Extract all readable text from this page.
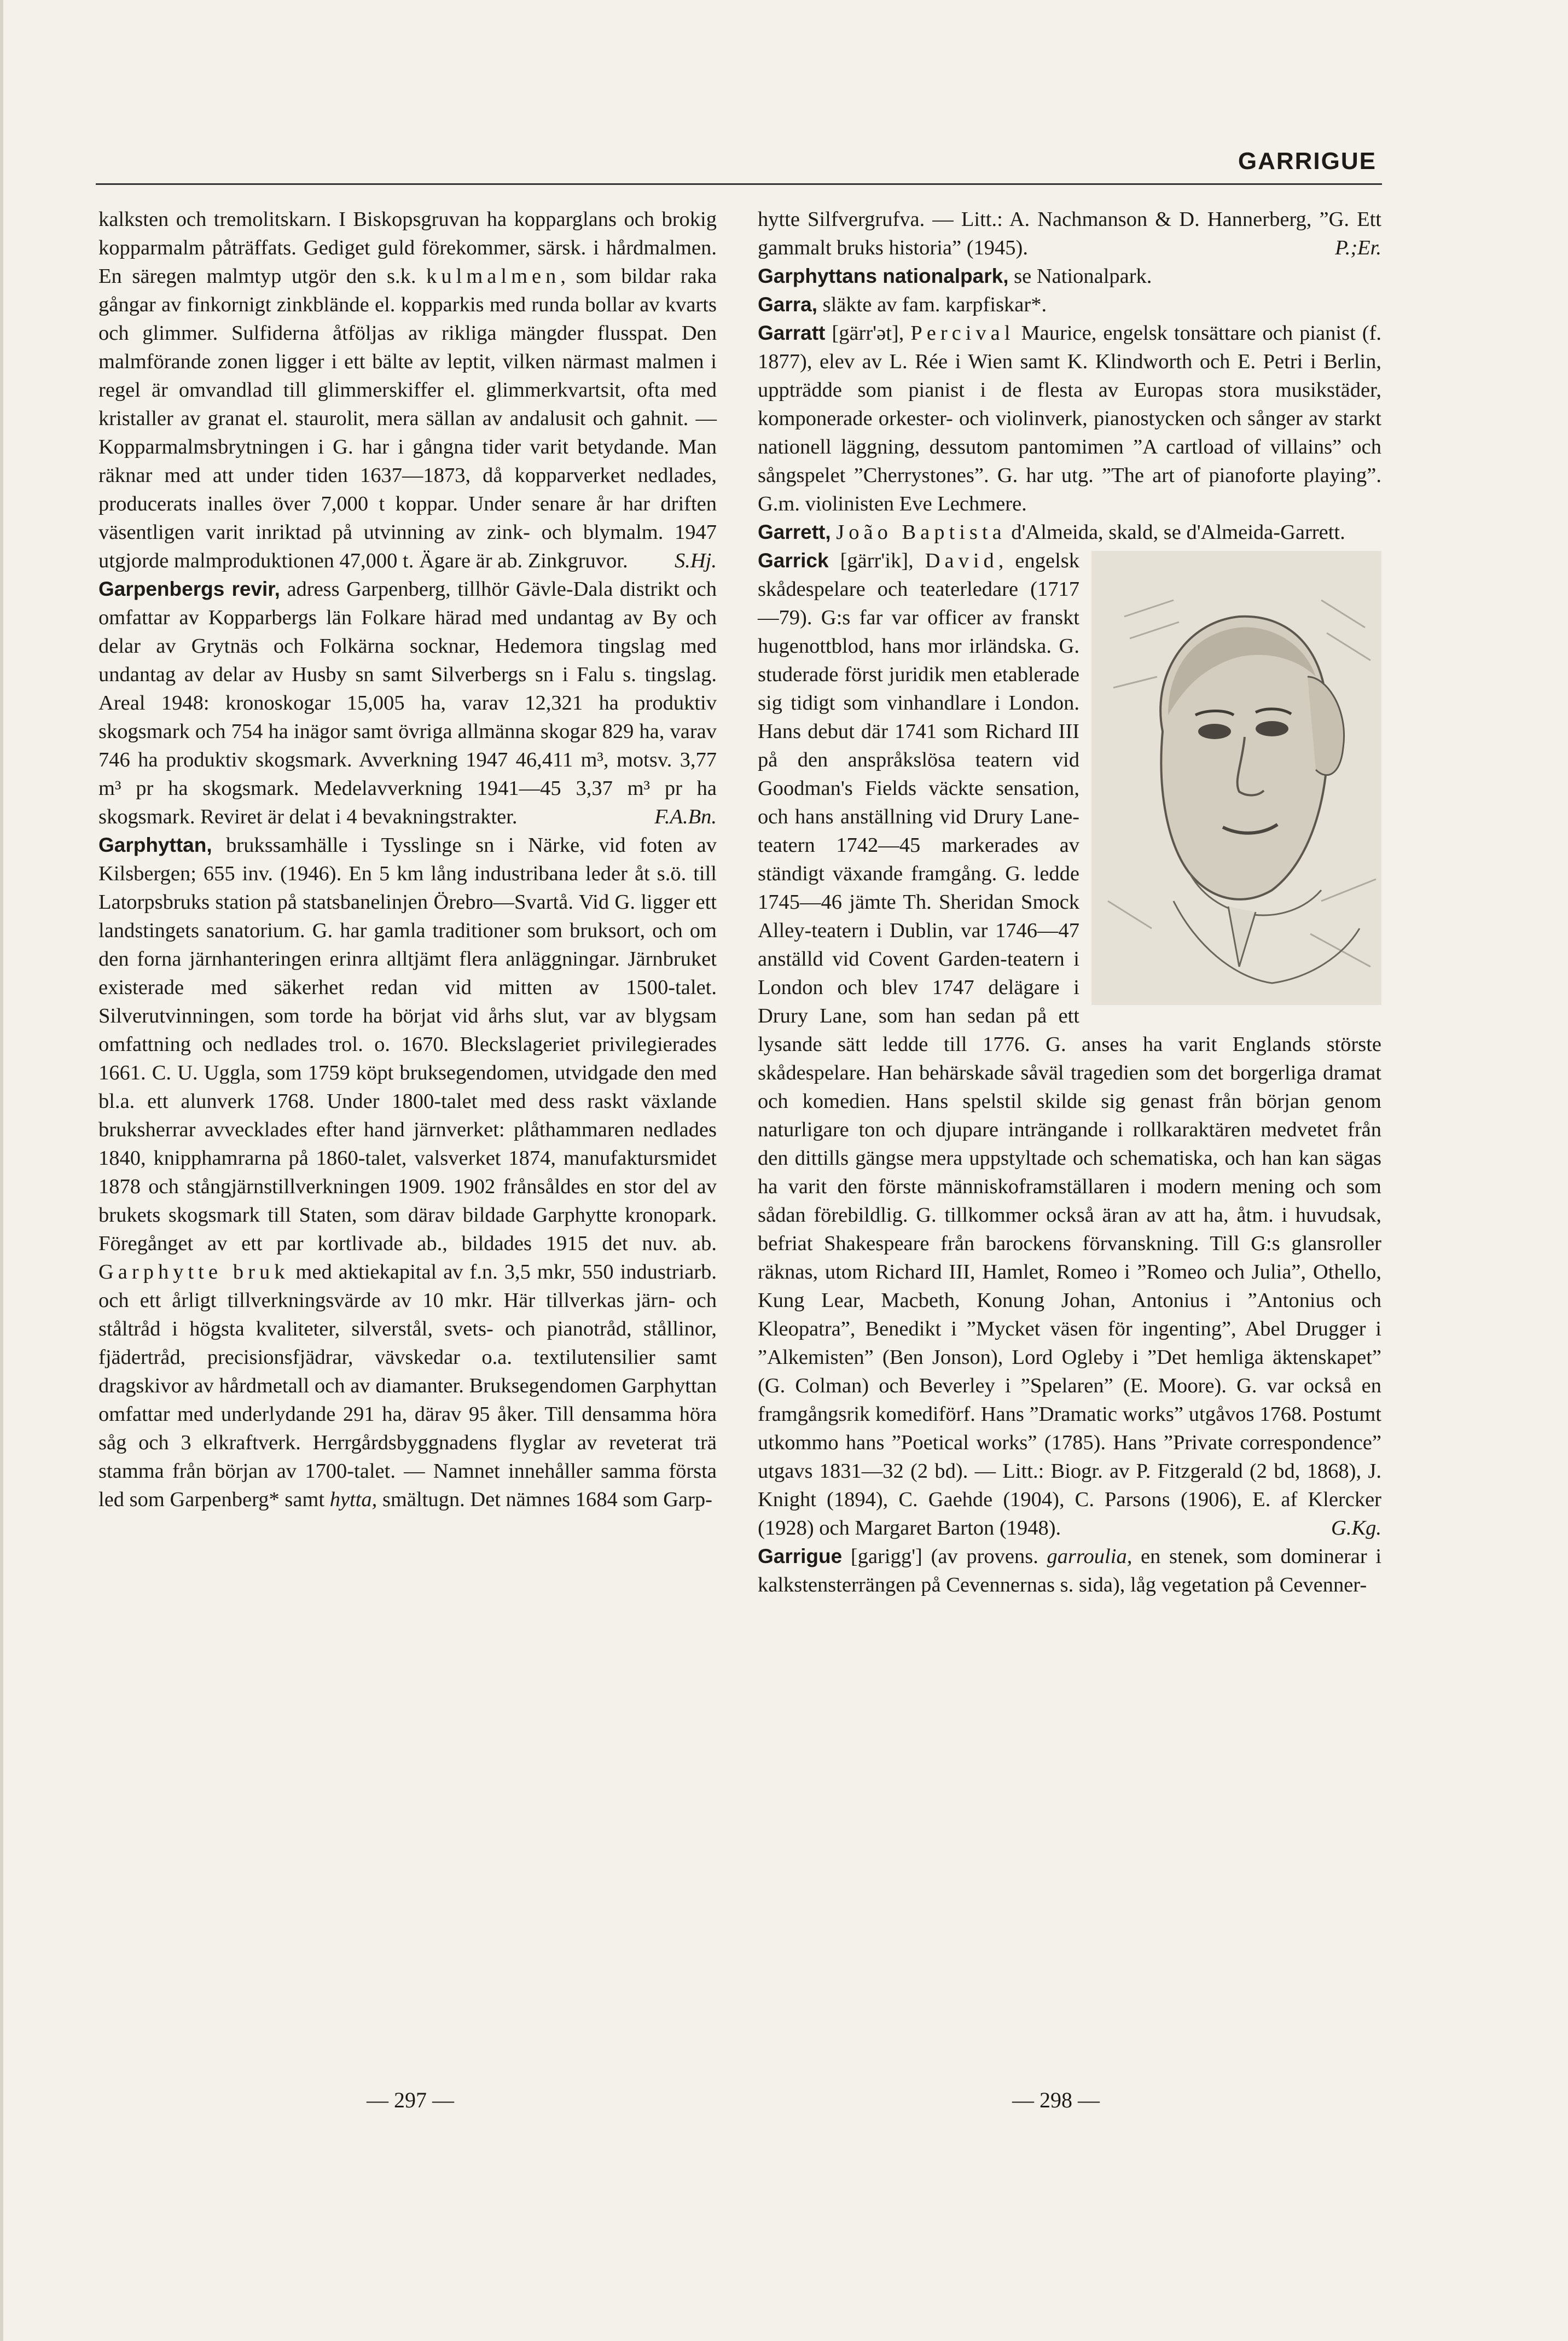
GARRIGUE

kalksten och tremolitskarn. I Biskopsgruvan ha kopparglans och brokig kopparmalm påträffats. Gediget guld förekommer, särsk. i hårdmalmen. En säregen malmtyp utgör den s.k. kulmalmen, som bildar raka gångar av finkornigt zinkblände el. kopparkis med runda bollar av kvarts och glimmer. Sulfiderna åtföljas av rikliga mängder flusspat. Den malmförande zonen ligger i ett bälte av leptit, vilken närmast malmen i regel är omvandlad till glimmerskiffer el. glimmerkvartsit, ofta med kristaller av granat el. staurolit, mera sällan av andalusit och gahnit. — Kopparmalmsbrytningen i G. har i gångna tider varit betydande. Man räknar med att under tiden 1637—1873, då kopparverket nedlades, producerats inalles över 7,000 t koppar. Under senare år har driften väsentligen varit inriktad på utvinning av zink- och blymalm. 1947 utgjorde malmproduktionen 47,000 t. Ägare är ab. Zinkgruvor. S.Hj.

Garpenbergs revir, adress Garpenberg, tillhör Gävle-Dala distrikt och omfattar av Kopparbergs län Folkare härad med undantag av By och delar av Grytnäs och Folkärna socknar, Hedemora tingslag med undantag av delar av Husby sn samt Silverbergs sn i Falu s. tingslag. Areal 1948: kronoskogar 15,005 ha, varav 12,321 ha produktiv skogsmark och 754 ha inägor samt övriga allmänna skogar 829 ha, varav 746 ha produktiv skogsmark. Avverkning 1947 46,411 m³, motsv. 3,77 m³ pr ha skogsmark. Medelavverkning 1941—45 3,37 m³ pr ha skogsmark. Reviret är delat i 4 bevakningstrakter.	F.A.Bn.

Garphyttan, brukssamhälle i Tysslinge sn i Närke, vid foten av Kilsbergen; 655 inv. (1946). En 5 km lång industribana leder åt s.ö. till Latorpsbruks station på statsbanelinjen Örebro—Svartå. Vid G. ligger ett landstingets sanatorium. G. har gamla traditioner som bruksort, och om den forna järnhanteringen erinra alltjämt flera anläggningar. Järnbruket existerade med säkerhet redan vid mitten av 1500-talet. Silverutvinningen, som torde ha börjat vid århs slut, var av blygsam omfattning och nedlades trol. o. 1670. Bleckslageriet privilegierades 1661. C. U. Uggla, som 1759 köpt bruksegendomen, utvidgade den med bl.a. ett alunverk 1768. Under 1800-talet med dess raskt växlande bruksherrar avvecklades efter hand järnverket: plåthammaren nedlades 1840, knipphamrarna på 1860-talet, valsverket 1874, manufaktursmidet 1878 och stångjärnstillverkningen 1909. 1902 frånsåldes en stor del av brukets skogsmark till Staten, som därav bildade Garphytte kronopark. Föregånget av ett par kortlivade ab., bildades 1915 det nuv. ab. Garphytte bruk med aktiekapital av f.n. 3,5 mkr, 550 industriarb. och ett årligt tillverkningsvärde av 10 mkr. Här tillverkas järn- och ståltråd i högsta kvaliteter, silverstål, svets- och pianotråd, stållinor, fjädertråd, precisionsfjädrar, vävskedar o.a. textilutensilier samt dragskivor av hårdmetall och av diamanter. Bruksegendomen Garphyttan omfattar med underlydande 291 ha, därav 95 åker. Till densamma höra såg och 3 elkraftverk. Herrgårdsbyggnadens flyglar av reveterat trä stamma från början av 1700-talet. — Namnet innehåller samma första led som Garpenberg* samt hytta, smältugn. Det nämnes 1684 som Garp-

hytte Silfvergrufva. — Litt.: A. Nachmanson & D. Hannerberg, ”G. Ett gammalt bruks historia” (1945).	P.;Er.

Garphyttans nationalpark, se Nationalpark.

Garra, släkte av fam. karpfiskar*.

Garratt [gärr'ət], Percival Maurice, engelsk tonsättare och pianist (f. 1877), elev av L. Rée i Wien samt K. Klindworth och E. Petri i Berlin, uppträdde som pianist i de flesta av Europas stora musikstäder, komponerade orkester- och violinverk, pianostycken och sånger av starkt nationell läggning, dessutom pantomimen ”A cartload of villains” och sångspelet ”Cherrystones”. G. har utg. ”The art of pianoforte playing”. G.m. violinisten Eve Lechmere.

Garrett, João Baptista d'Almeida, skald, se d'Almeida-Garrett.

Garrick [gärr'ik], David, engelsk skådespelare och teaterledare (1717—79). G:s far var officer av franskt hugenottblod, hans mor irländska. G. studerade först juridik men etablerade sig tidigt som vinhandlare i London. Hans debut där 1741 som Richard III på den anspråkslösa teatern vid Goodman's Fields väckte sensation, och hans anställning vid Drury Lane-teatern 1742—45 markerades av ständigt växande framgång. G. ledde 1745—46 jämte Th. Sheridan Smock Alley-teatern i Dublin, var 1746—47 anställd vid Covent Garden-teatern i London och blev 1747 delägare i Drury Lane, som han sedan på ett lysande sätt ledde till 1776. G. anses ha varit Englands störste skådespelare. Han behärskade såväl tragedien som det borgerliga dramat och komedien. Hans spelstil skilde sig genast från början genom naturligare ton och djupare inträngande i rollkaraktären medvetet från den dittills gängse mera uppstyltade och schematiska, och han kan sägas ha varit den förste människoframställaren i modern mening och som sådan förebildlig. G. tillkommer också äran av att ha, åtm. i huvudsak, befriat Shakespeare från barockens förvanskning. Till G:s glansroller räknas, utom Richard III, Hamlet, Romeo i ”Romeo och Julia”, Othello, Kung Lear, Macbeth, Konung Johan, Antonius i ”Antonius och Kleopatra”, Benedikt i ”Mycket väsen för ingenting”, Abel Drugger i ”Alkemisten” (Ben Jonson), Lord Ogleby i ”Det hemliga äktenskapet” (G. Colman) och Beverley i ”Spelaren” (E. Moore). G. var också en framgångsrik komediförf. Hans ”Dramatic works” utgåvos 1768. Postumt utkommo hans ”Poetical works” (1785). Hans ”Private correspondence” utgavs 1831—32 (2 bd). — Litt.: Biogr. av P. Fitzgerald (2 bd, 1868), J. Knight (1894), C. Gaehde (1904), C. Parsons (1906), E. af Klercker (1928) och Margaret Barton (1948).	G.Kg.

Garrigue [garigg'] (av provens. garroulia, en stenek, som dominerar i kalkstensterrängen på Cevennernas s. sida), låg vegetation på Cevenner-

— 297 —	— 298 —
